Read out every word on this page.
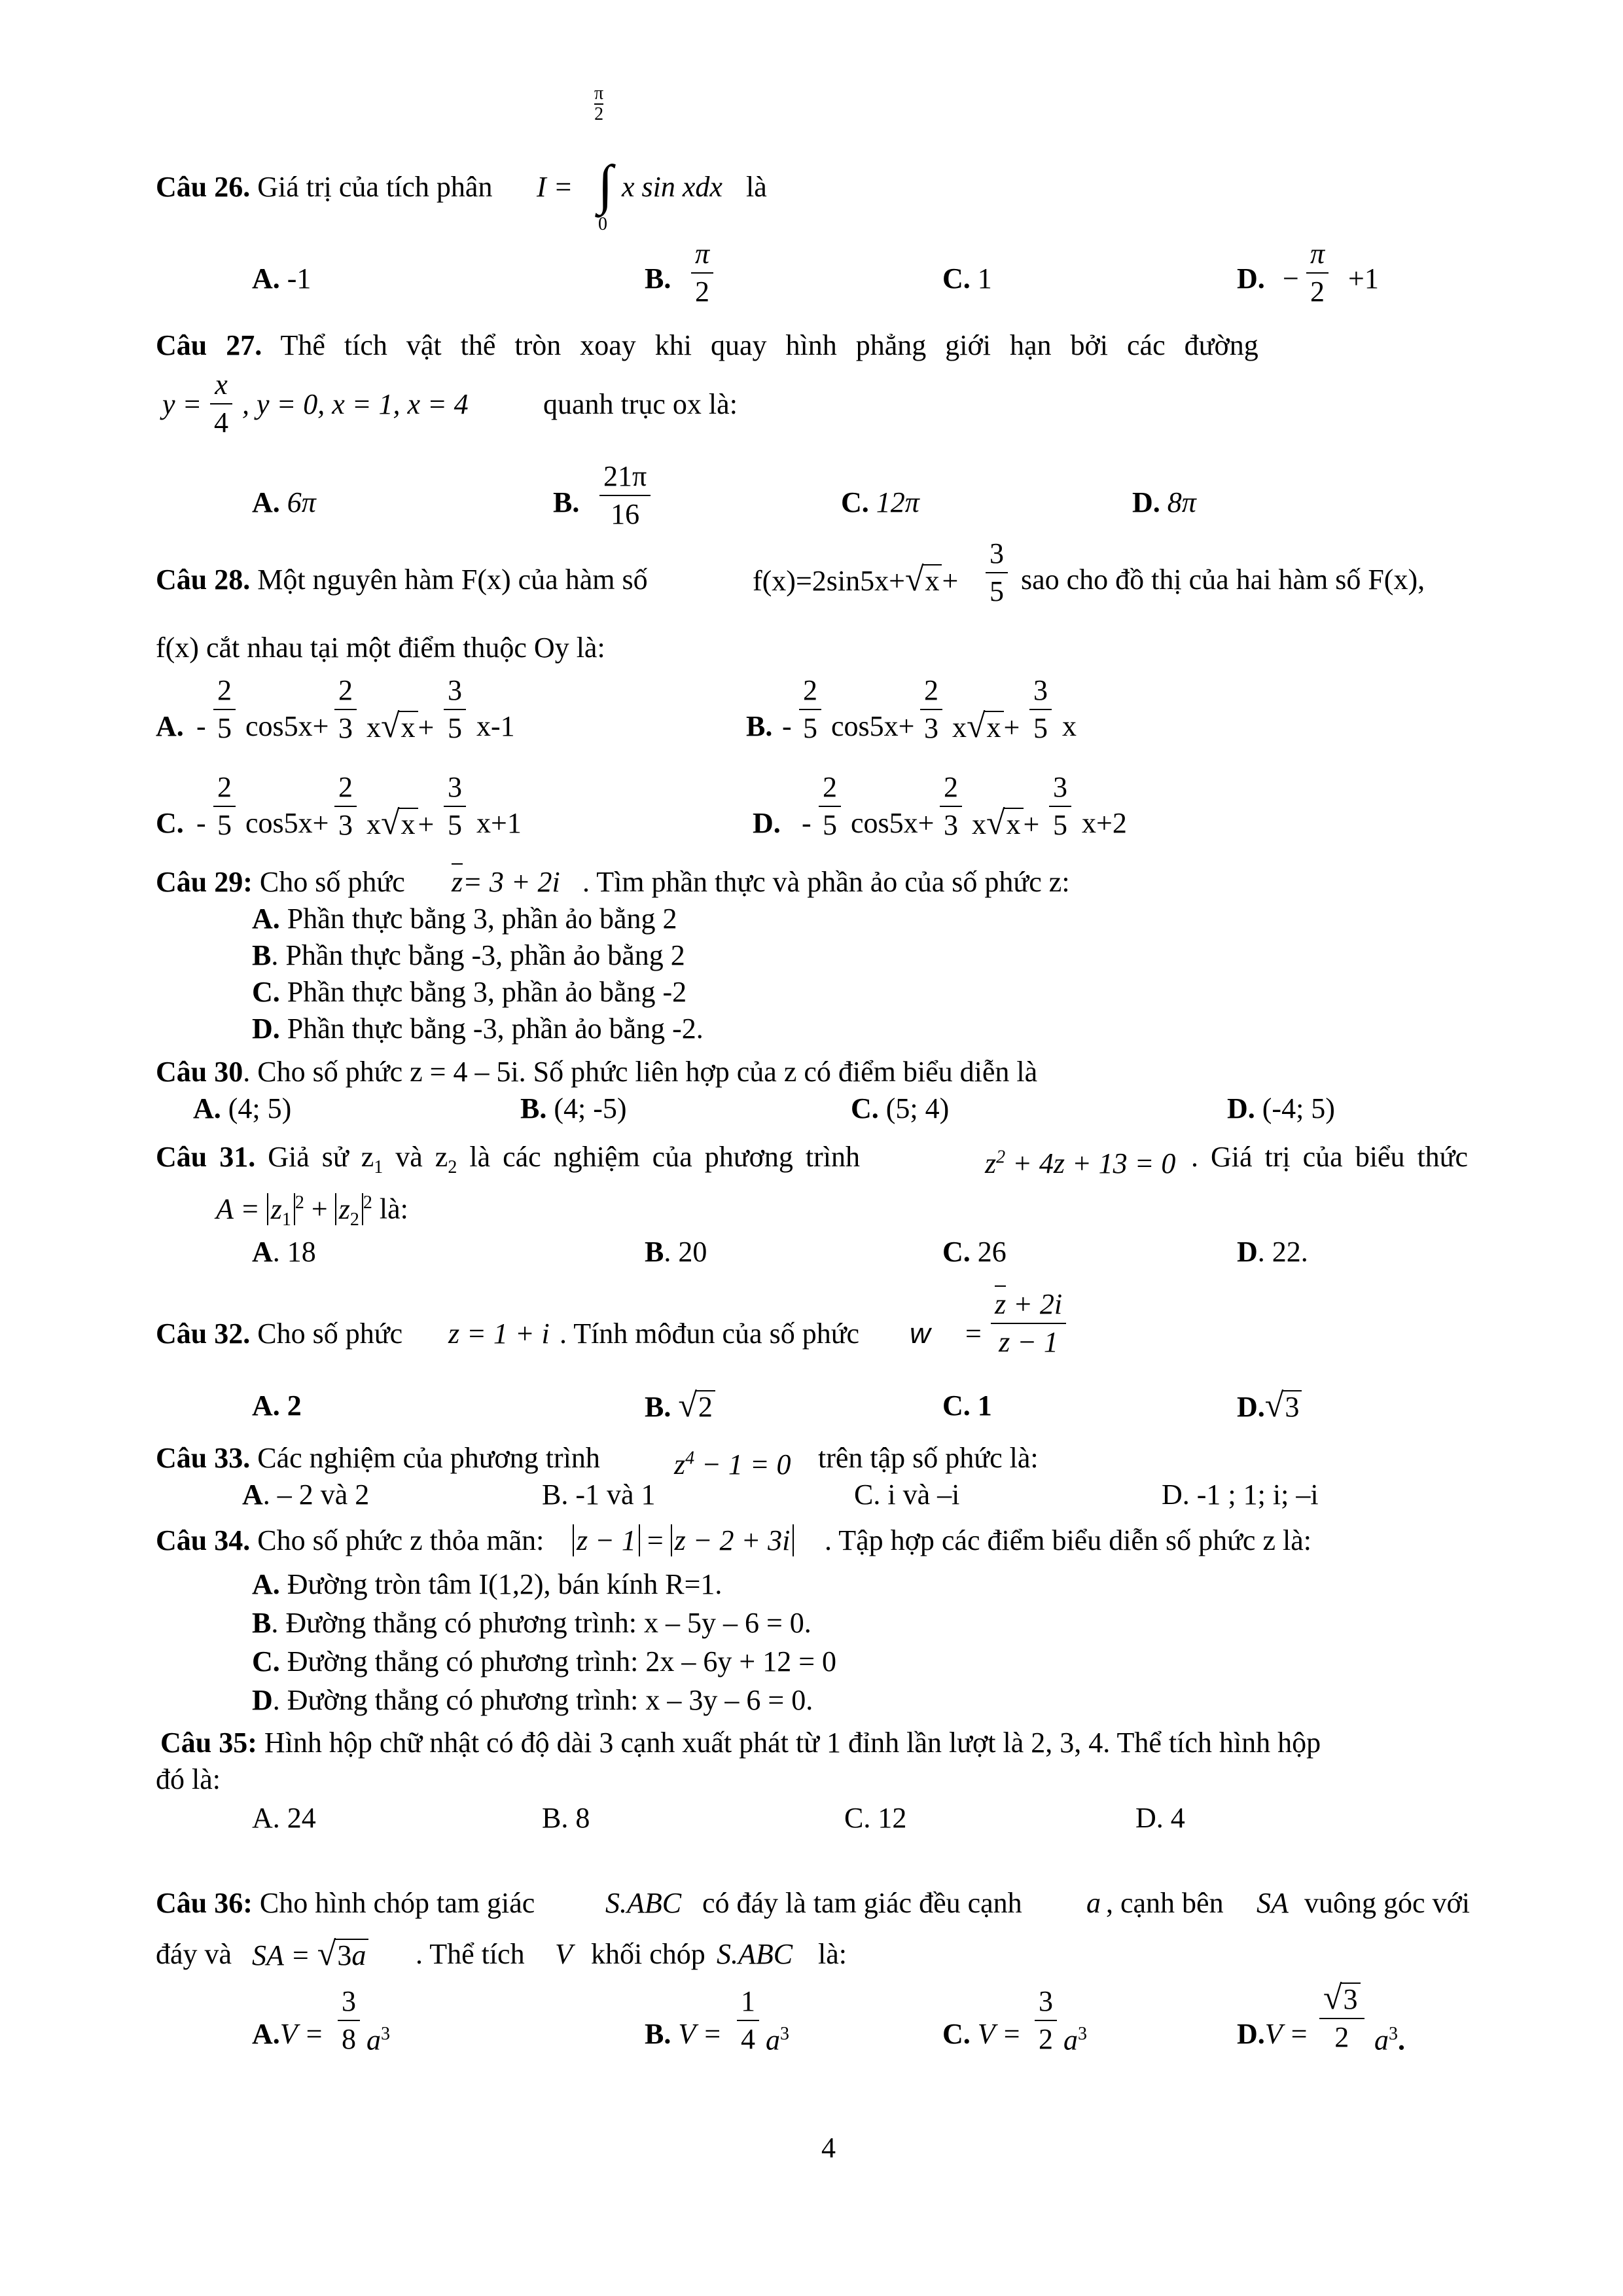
Câu 26. Giá trị của tích phân I =
$\frac{\pi}{2}$
∫
0
x sin xdx là
A. -1	B. $\frac{\pi}{2}$	C. 1	D. − $\frac{\pi}{2} +1$
Câu 27. Thể tích vật thể tròn xoay khi quay hình phẳng giới hạn bởi các đường
$y = \frac{x}{4}$ , y = 0, x = 1, x = 4	quanh trục ox là:
A. 6π	B. $\frac{21\pi}{16}$	C. 12π	D. 8π
Câu 28. Một nguyên hàm F(x) của hàm số	$f(x)=2\sin 5x+√x+ \frac{3}{5}$ sao cho đồ thị của hai hàm số F(x),
f(x) cắt nhau tại một điểm thuộc Oy là:
A. - $\frac{2}{5} \cos 5x+ \frac{2}{3} x√x+ \frac{3}{5} x-1$	B. - $\frac{2}{5} \cos 5x+ \frac{2}{3} x√x+ \frac{3}{5}$ x
C. - $\frac{2}{5} \cos 5x+ \frac{2}{3} x√x+ \frac{3}{5} x+1$	D. - $\frac{2}{5} \cos 5x+ \frac{2}{3} x√x+ \frac{3}{5} x+2$
Câu 29: Cho số phức z= 3 + 2i . Tìm phần thực và phần ảo của số phức z:
A. Phần thực bằng 3, phần ảo bằng 2
B. Phần thực bằng -3, phần ảo bằng 2
C. Phần thực bằng 3, phần ảo bằng -2
D. Phần thực bằng -3, phần ảo bằng -2.
Câu 30. Cho số phức z = 4 – 5i. Số phức liên hợp của z có điểm biểu diễn là
A. (4; 5)	B. (4; -5)	C. (5; 4)	D. (-4; 5)
Câu 31. Giả sử $z_1$ và $z_2$ là các nghiệm của phương trình	$z^2 + 4z + 13 = 0$ . Giá trị của biểu thức
$A = z_1^2 + z_2^2$ là:
A. 18	B. 20	C. 26	D. 22.
Câu 32. Cho số phức z = 1 + i . Tính môđun của số phức $w = \frac{z + 2i}{z - 1}$
A. 2	B. √2	C. 1	D.√3
Câu 33. Các nghiệm của phương trình	$z^4 - 1 = 0$ trên tập số phức là:
A. – 2 và 2	B. -1 và 1	C. i và –i	D. -1 ; 1; i; –i
Câu 34. Cho số phức z thỏa mãn: z − 1 = z − 2 + 3i . Tập hợp các điểm biểu diễn số phức z là:
A. Đường tròn tâm I(1,2), bán kính R=1.
B. Đường thẳng có phương trình: x – 5y – 6 = 0.
C. Đường thẳng có phương trình: 2x – 6y + 12 = 0
D. Đường thẳng có phương trình: x – 3y – 6 = 0.
Câu 35: Hình hộp chữ nhật có độ dài 3 cạnh xuất phát từ 1 đỉnh lần lượt là 2, 3, 4. Thể tích hình hộp
đó là:
A. 24	B. 8	C. 12	D. 4
Câu 36: Cho hình chóp tam giác S.ABC có đáy là tam giác đều cạnh a , cạnh bên SA vuông góc với
đáy và SA = √3a . Thể tích V khối chóp S.ABC là:
$A.V = \frac{3}{8} a^3$	B. $V = \frac{1}{4} a^3$	C. $V = \frac{3}{2} a^3$	$D.V = \frac{√3}{2} a^3$.
4
